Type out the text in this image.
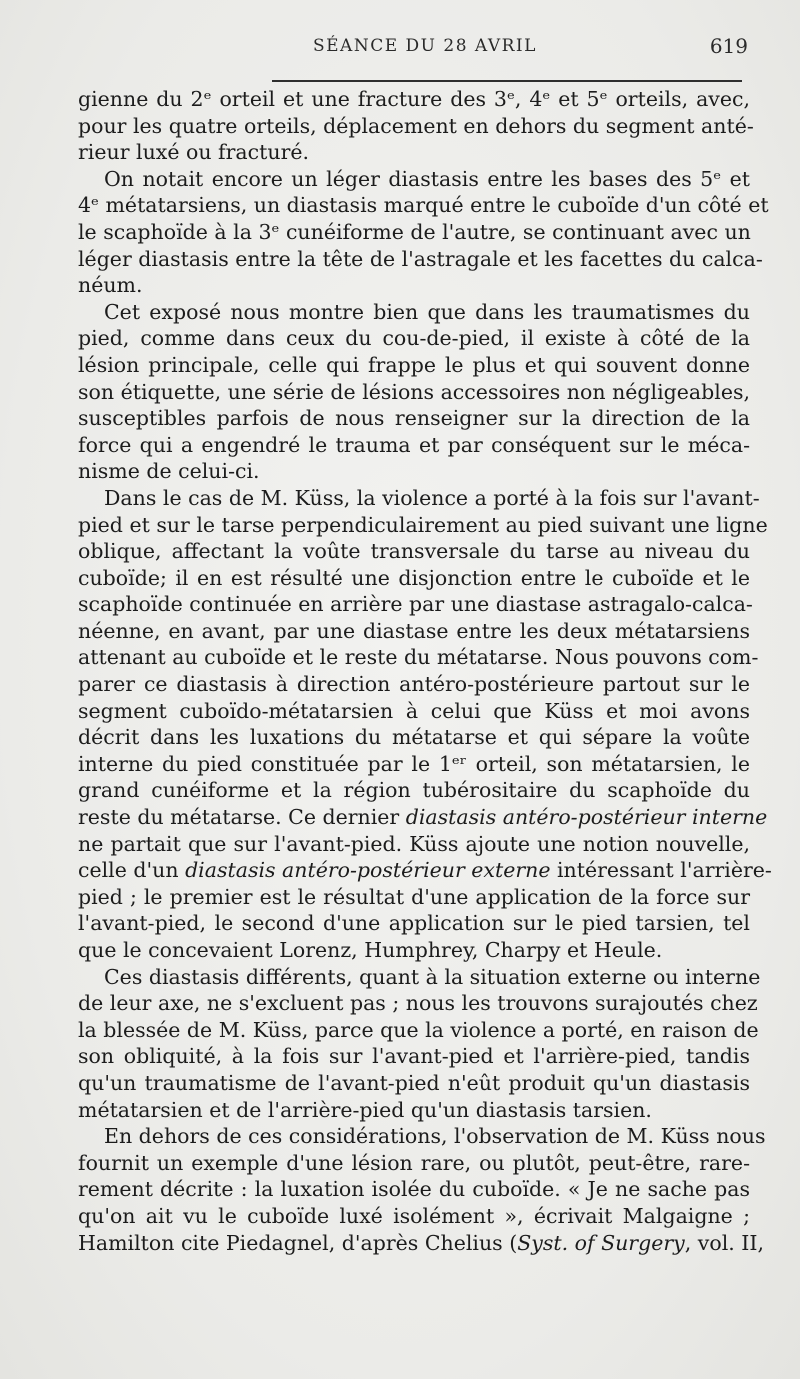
SÉANCE DU 28 AVRIL	619
gienne du 2ᵉ orteil et une fracture des 3ᵉ, 4ᵉ et 5ᵉ orteils, avec,
pour les quatre orteils, déplacement en dehors du segment anté-
rieur luxé ou fracturé.
On notait encore un léger diastasis entre les bases des 5ᵉ et
4ᵉ métatarsiens, un diastasis marqué entre le cuboïde d'un côté et
le scaphoïde à la 3ᵉ cunéiforme de l'autre, se continuant avec un
léger diastasis entre la tête de l'astragale et les facettes du calca-
néum.
Cet exposé nous montre bien que dans les traumatismes du
pied, comme dans ceux du cou-de-pied, il existe à côté de la
lésion principale, celle qui frappe le plus et qui souvent donne
son étiquette, une série de lésions accessoires non négligeables,
susceptibles parfois de nous renseigner sur la direction de la
force qui a engendré le trauma et par conséquent sur le méca-
nisme de celui-ci.
Dans le cas de M. Küss, la violence a porté à la fois sur l'avant-
pied et sur le tarse perpendiculairement au pied suivant une ligne
oblique, affectant la voûte transversale du tarse au niveau du
cuboïde; il en est résulté une disjonction entre le cuboïde et le
scaphoïde continuée en arrière par une diastase astragalo-calca-
néenne, en avant, par une diastase entre les deux métatarsiens
attenant au cuboïde et le reste du métatarse. Nous pouvons com-
parer ce diastasis à direction antéro-postérieure partout sur le
segment cuboïdo-métatarsien à celui que Küss et moi avons
décrit dans les luxations du métatarse et qui sépare la voûte
interne du pied constituée par le 1ᵉʳ orteil, son métatarsien, le
grand cunéiforme et la région tubérositaire du scaphoïde du
reste du métatarse. Ce dernier diastasis antéro-postérieur interne
ne partait que sur l'avant-pied. Küss ajoute une notion nouvelle,
celle d'un diastasis antéro-postérieur externe intéressant l'arrière-
pied ; le premier est le résultat d'une application de la force sur
l'avant-pied, le second d'une application sur le pied tarsien, tel
que le concevaient Lorenz, Humphrey, Charpy et Heule.
Ces diastasis différents, quant à la situation externe ou interne
de leur axe, ne s'excluent pas ; nous les trouvons surajoutés chez
la blessée de M. Küss, parce que la violence a porté, en raison de
son obliquité, à la fois sur l'avant-pied et l'arrière-pied, tandis
qu'un traumatisme de l'avant-pied n'eût produit qu'un diastasis
métatarsien et de l'arrière-pied qu'un diastasis tarsien.
En dehors de ces considérations, l'observation de M. Küss nous
fournit un exemple d'une lésion rare, ou plutôt, peut-être, rare-
rement décrite : la luxation isolée du cuboïde. « Je ne sache pas
qu'on ait vu le cuboïde luxé isolément », écrivait Malgaigne ;
Hamilton cite Piedagnel, d'après Chelius (Syst. of Surgery, vol. II,
